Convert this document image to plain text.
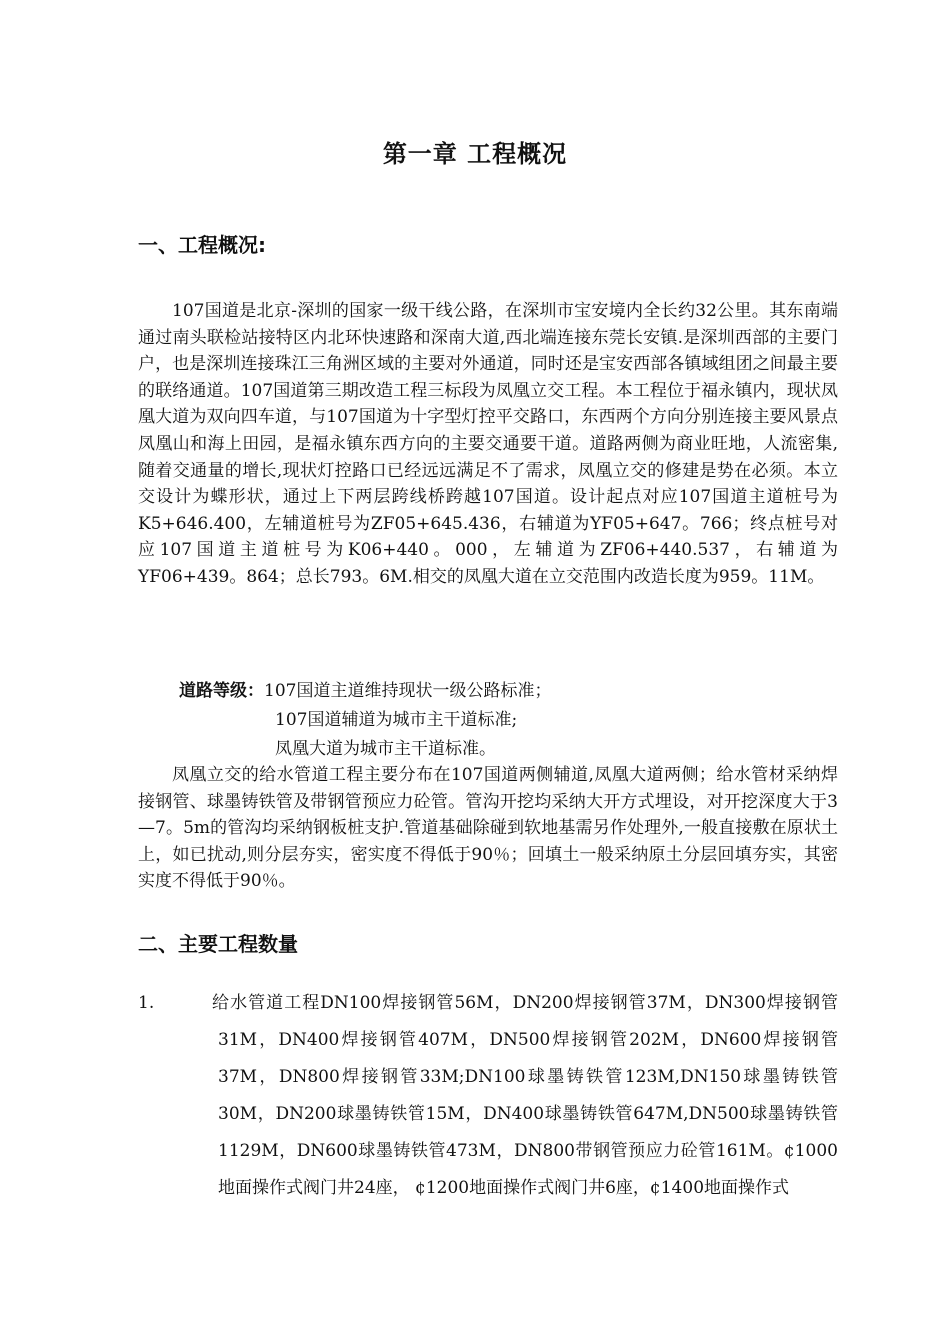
第一章 工程概况
一、工程概况:
107国道是北京-深圳的国家一级干线公路，在深圳市宝安境内全长约32公里。其东南端通过南头联检站接特区内北环快速路和深南大道,西北端连接东莞长安镇.是深圳西部的主要门户，也是深圳连接珠江三角洲区域的主要对外通道，同时还是宝安西部各镇域组团之间最主要的联络通道。107国道第三期改造工程三标段为凤凰立交工程。本工程位于福永镇内，现状凤凰大道为双向四车道，与107国道为十字型灯控平交路口，东西两个方向分别连接主要风景点凤凰山和海上田园，是福永镇东西方向的主要交通要干道。道路两侧为商业旺地，人流密集,随着交通量的增长,现状灯控路口已经远远满足不了需求，凤凰立交的修建是势在必须。本立交设计为蝶形状，通过上下两层跨线桥跨越107国道。设计起点对应107国道主道桩号为K5+646.400，左辅道桩号为ZF05+645.436，右辅道为YF05+647。766；终点桩号对应107国道主道桩号为K06+440。000，左辅道为ZF06+440.537，右辅道为YF06+439。864；总长793。6M.相交的凤凰大道在立交范围内改造长度为959。11M。
道路等级：107国道主道维持现状一级公路标准；
107国道辅道为城市主干道标准;
凤凰大道为城市主干道标准。
凤凰立交的给水管道工程主要分布在107国道两侧辅道,凤凰大道两侧；给水管材采纳焊接钢管、球墨铸铁管及带钢管预应力砼管。管沟开挖均采纳大开方式埋设，对开挖深度大于3—7。5m的管沟均采纳钢板桩支护.管道基础除碰到软地基需另作处理外,一般直接敷在原状土上，如已扰动,则分层夯实，密实度不得低于90％；回填土一般采纳原土分层回填夯实，其密实度不得低于90％。
二、主要工程数量
1.	给水管道工程DN100焊接钢管56M，DN200焊接钢管37M，DN300焊接钢管31M，DN400焊接钢管407M，DN500焊接钢管202M，DN600焊接钢管37M，DN800焊接钢管33M;DN100球墨铸铁管123M,DN150球墨铸铁管30M，DN200球墨铸铁管15M，DN400球墨铸铁管647M,DN500球墨铸铁管1129M，DN600球墨铸铁管473M，DN800带钢管预应力砼管161M。¢1000地面操作式阀门井24座， ¢1200地面操作式阀门井6座，¢1400地面操作式
